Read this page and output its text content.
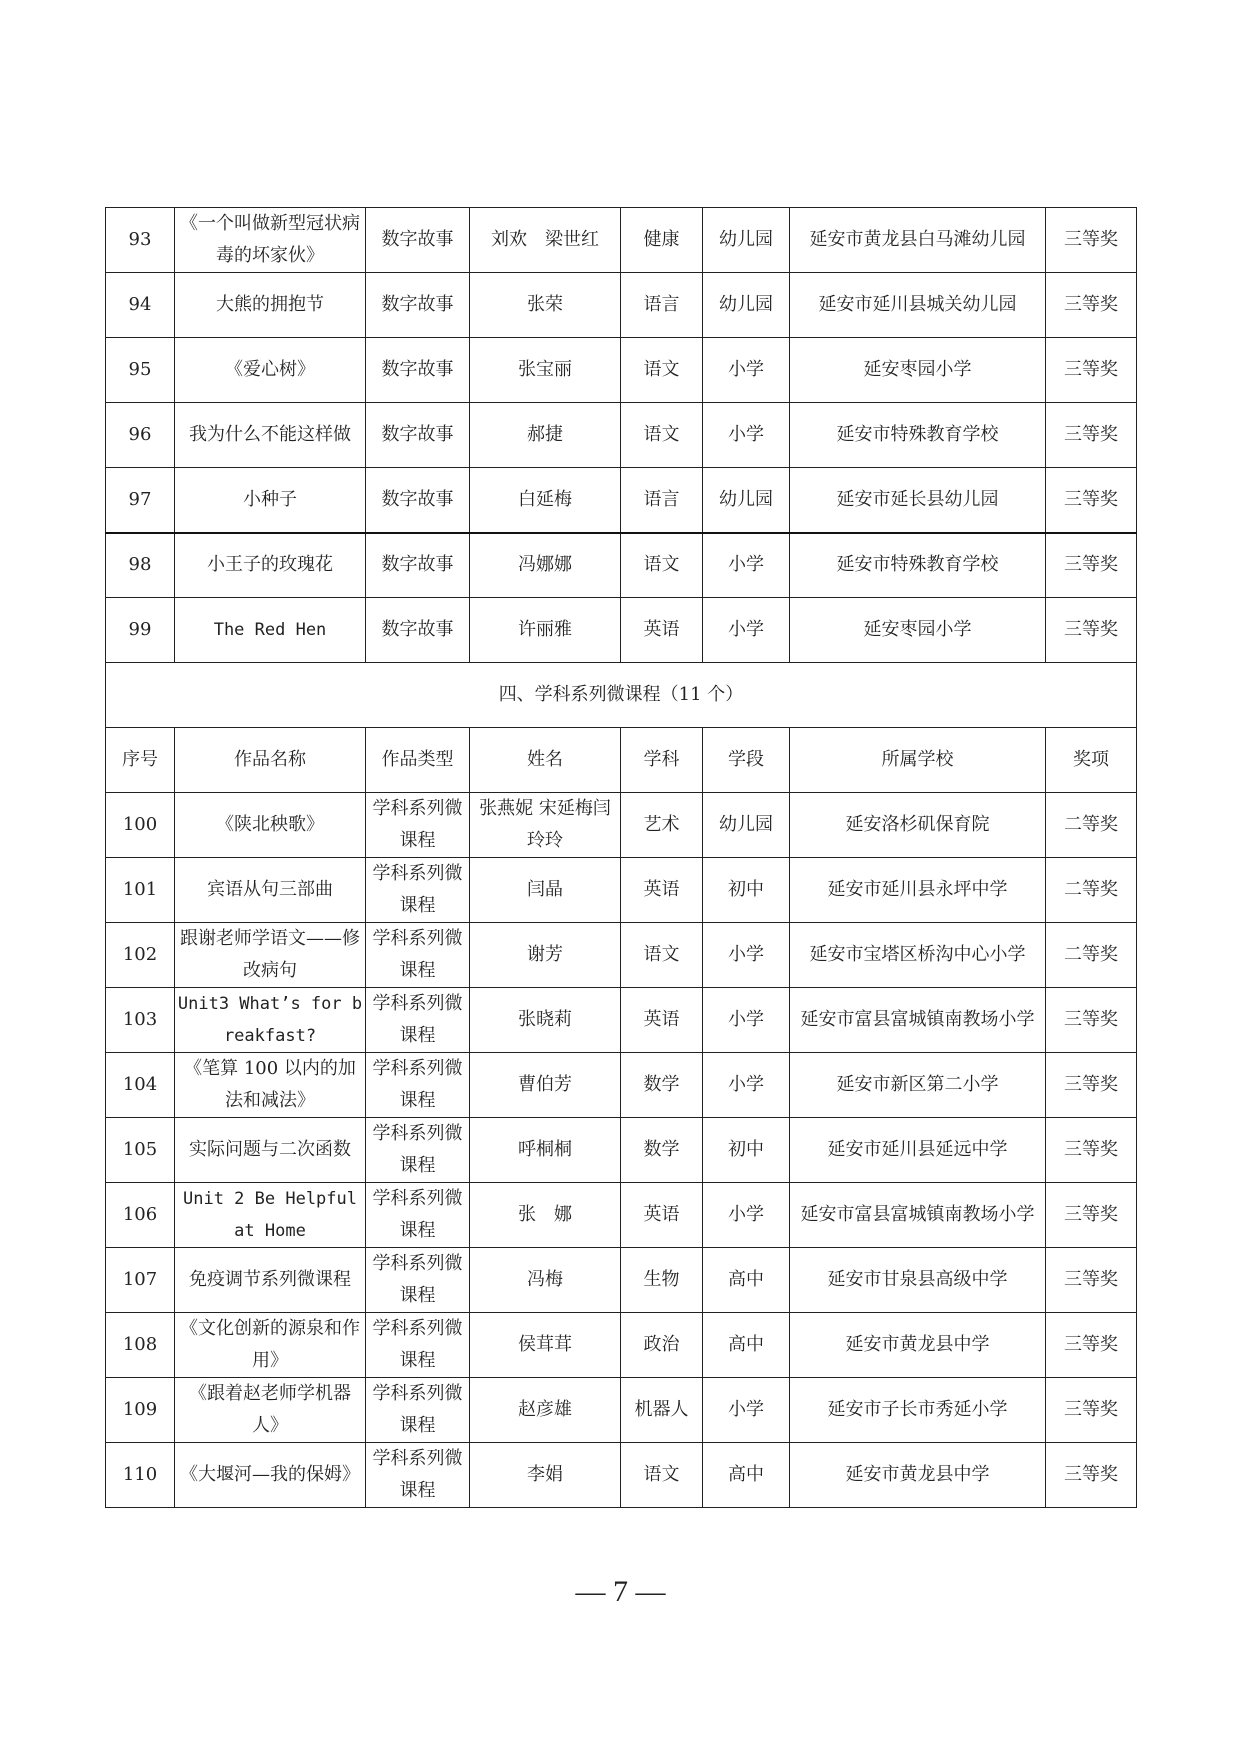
93	《一个叫做新型冠状病毒的坏家伙》	数字故事	刘欢　梁世红	健康	幼儿园	延安市黄龙县白马滩幼儿园	三等奖
94	大熊的拥抱节	数字故事	张荣	语言	幼儿园	延安市延川县城关幼儿园	三等奖
95	《爱心树》	数字故事	张宝丽	语文	小学	延安枣园小学	三等奖
96	我为什么不能这样做	数字故事	郝捷	语文	小学	延安市特殊教育学校	三等奖
97	小种子	数字故事	白延梅	语言	幼儿园	延安市延长县幼儿园	三等奖
98	小王子的玫瑰花	数字故事	冯娜娜	语文	小学	延安市特殊教育学校	三等奖
99	The Red Hen	数字故事	许丽雅	英语	小学	延安枣园小学	三等奖
四、学科系列微课程（11 个）							
序号	作品名称	作品类型	姓名	学科	学段	所属学校	奖项
100	《陕北秧歌》	学科系列微课程	张燕妮 宋延梅闫玲玲	艺术	幼儿园	延安洛杉矶保育院	二等奖
101	宾语从句三部曲	学科系列微课程	闫晶	英语	初中	延安市延川县永坪中学	二等奖
102	跟谢老师学语文——修改病句	学科系列微课程	谢芳	语文	小学	延安市宝塔区桥沟中心小学	二等奖
103	Unit3 What’s for breakfast?	学科系列微课程	张晓莉	英语	小学	延安市富县富城镇南教场小学	三等奖
104	《笔算 100 以内的加法和减法》	学科系列微课程	曹伯芳	数学	小学	延安市新区第二小学	三等奖
105	实际问题与二次函数	学科系列微课程	呼桐桐	数学	初中	延安市延川县延远中学	三等奖
106	Unit 2 Be Helpful at Home	学科系列微课程	张　娜	英语	小学	延安市富县富城镇南教场小学	三等奖
107	免疫调节系列微课程	学科系列微课程	冯梅	生物	高中	延安市甘泉县高级中学	三等奖
108	《文化创新的源泉和作用》	学科系列微课程	侯茸茸	政治	高中	延安市黄龙县中学	三等奖
109	《跟着赵老师学机器人》	学科系列微课程	赵彦雄	机器人	小学	延安市子长市秀延小学	三等奖
110	《大堰河—我的保姆》	学科系列微课程	李娟	语文	高中	延安市黄龙县中学	三等奖
— 7 —
